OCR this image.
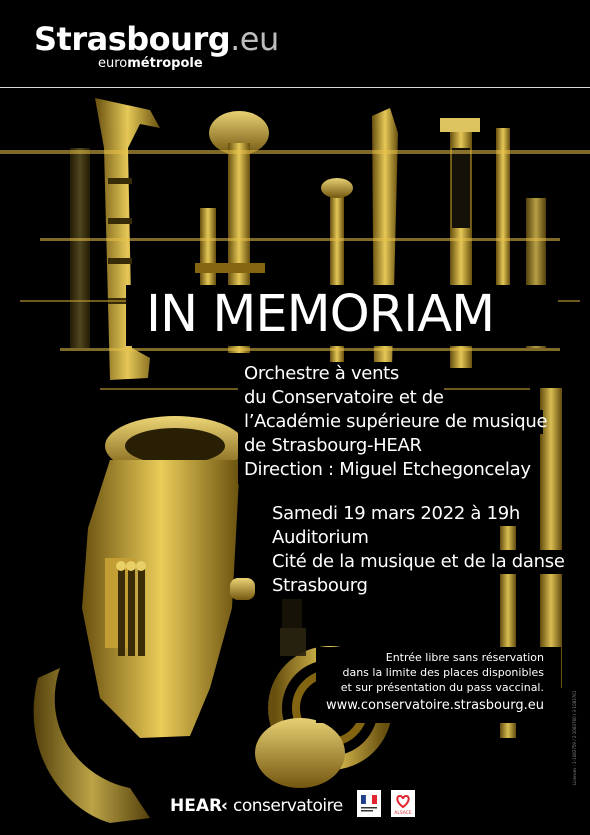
Strasbourg.eu
eurométropole
IN MEMORIAM
Orchestre à vents
du Conservatoire et de
l’Académie supérieure de musique
de Strasbourg-HEAR
Direction : Miguel Etchegoncelay
Samedi 19 mars 2022 à 19h
Auditorium
Cité de la musique et de la danse
Strasbourg
Entrée libre sans réservation
dans la limite des places disponibles
et sur présentation du pass vaccinal.
www.conservatoire.strasbourg.eu	Licences : 1-1083759 / 2-1083760 / 3-1083761
HEAR
‹ conservatoire	ALSACE
